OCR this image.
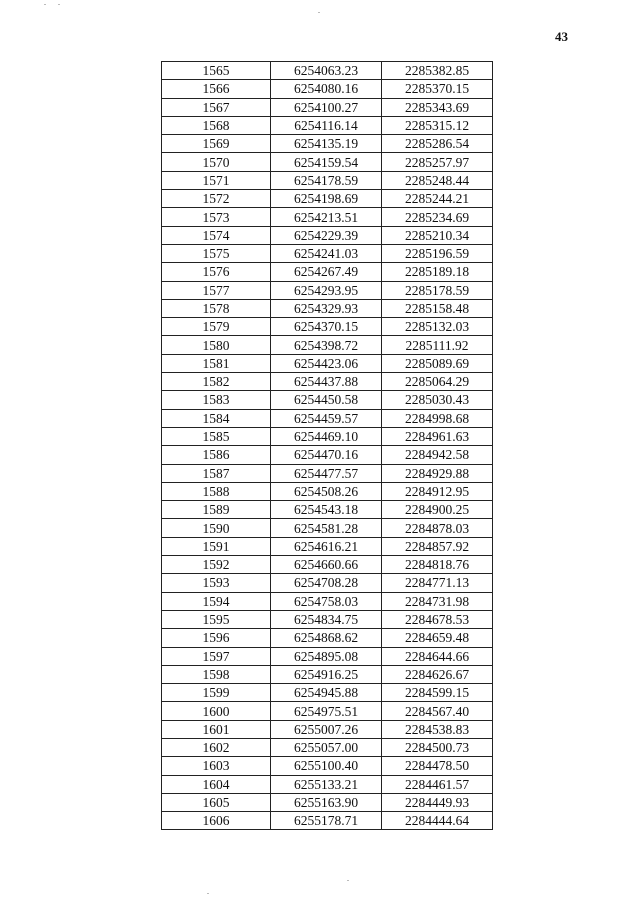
43
1565	6254063.23	2285382.85
1566	6254080.16	2285370.15
1567	6254100.27	2285343.69
1568	6254116.14	2285315.12
1569	6254135.19	2285286.54
1570	6254159.54	2285257.97
1571	6254178.59	2285248.44
1572	6254198.69	2285244.21
1573	6254213.51	2285234.69
1574	6254229.39	2285210.34
1575	6254241.03	2285196.59
1576	6254267.49	2285189.18
1577	6254293.95	2285178.59
1578	6254329.93	2285158.48
1579	6254370.15	2285132.03
1580	6254398.72	2285111.92
1581	6254423.06	2285089.69
1582	6254437.88	2285064.29
1583	6254450.58	2285030.43
1584	6254459.57	2284998.68
1585	6254469.10	2284961.63
1586	6254470.16	2284942.58
1587	6254477.57	2284929.88
1588	6254508.26	2284912.95
1589	6254543.18	2284900.25
1590	6254581.28	2284878.03
1591	6254616.21	2284857.92
1592	6254660.66	2284818.76
1593	6254708.28	2284771.13
1594	6254758.03	2284731.98
1595	6254834.75	2284678.53
1596	6254868.62	2284659.48
1597	6254895.08	2284644.66
1598	6254916.25	2284626.67
1599	6254945.88	2284599.15
1600	6254975.51	2284567.40
1601	6255007.26	2284538.83
1602	6255057.00	2284500.73
1603	6255100.40	2284478.50
1604	6255133.21	2284461.57
1605	6255163.90	2284449.93
1606	6255178.71	2284444.64
